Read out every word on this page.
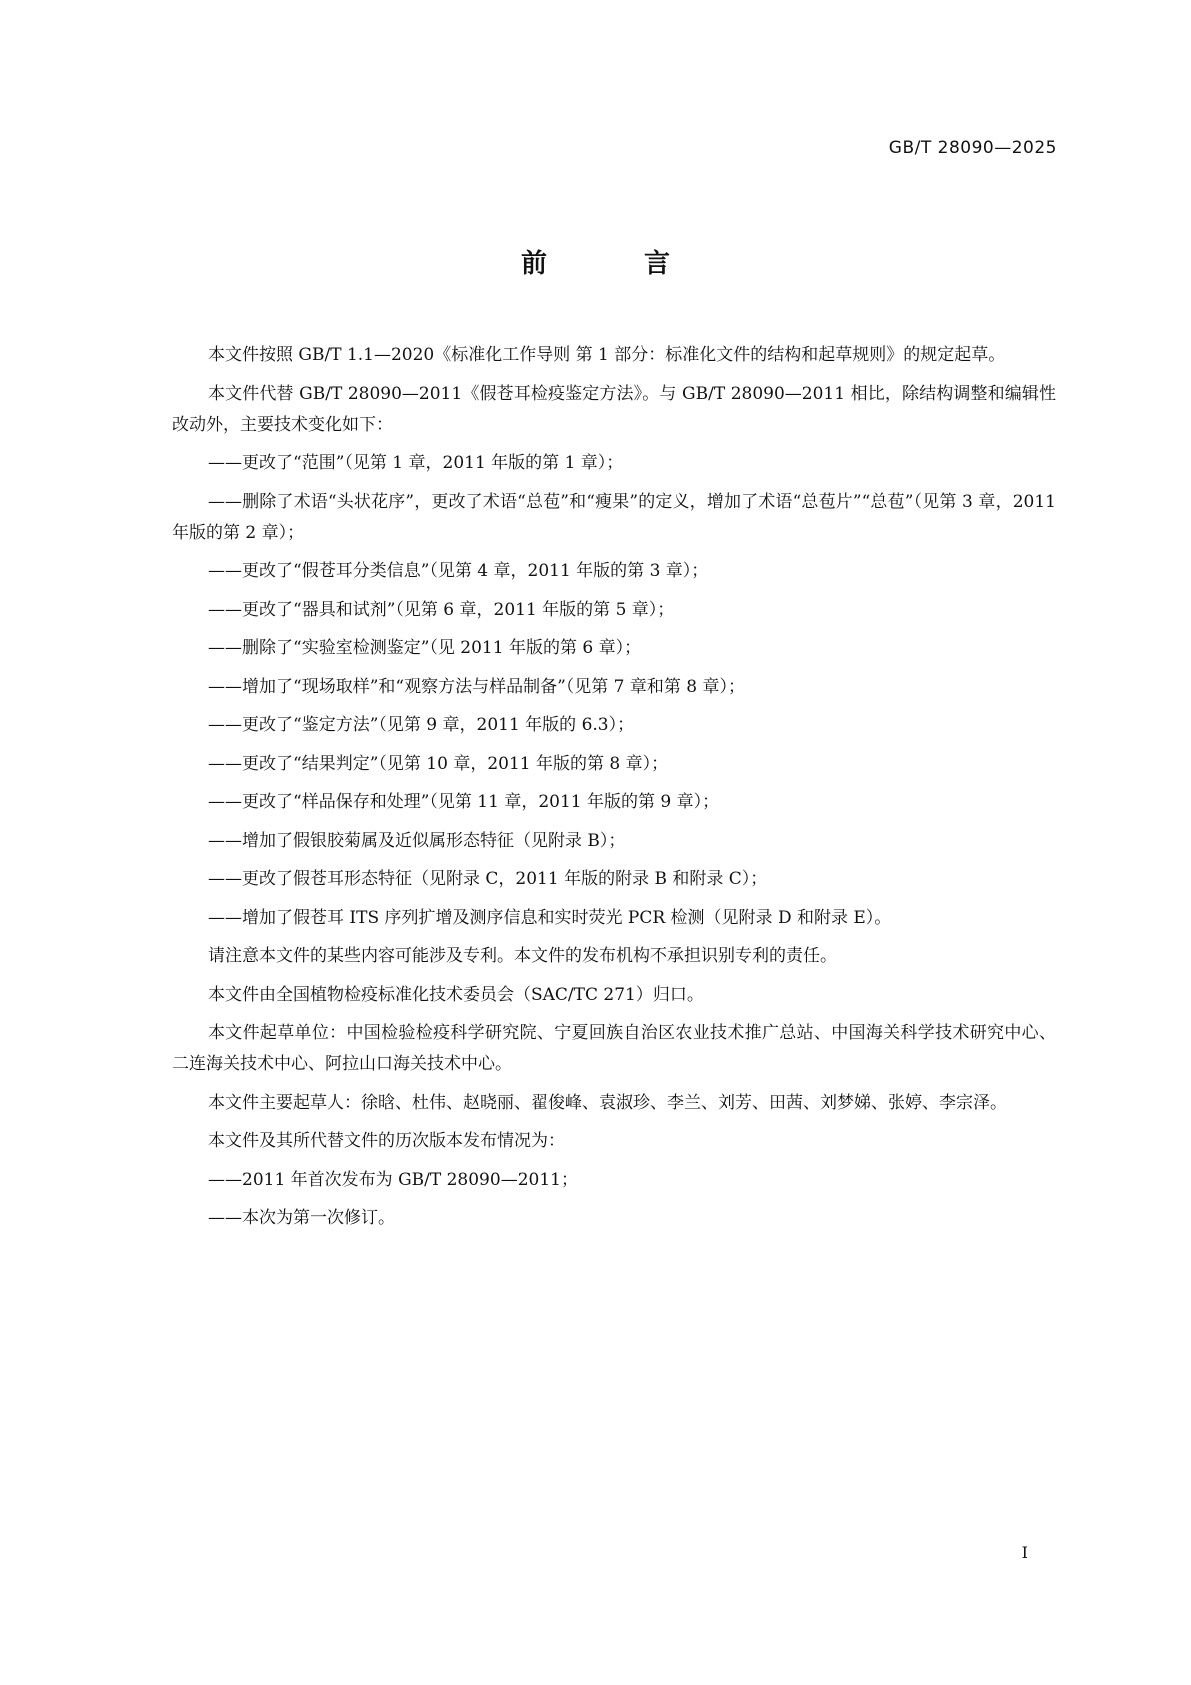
GB/T 28090—2025
前 言

本文件按照 GB/T 1.1—2020《标准化工作导则 第 1 部分：标准化文件的结构和起草规则》的规定起草。

本文件代替 GB/T 28090—2011《假苍耳检疫鉴定方法》。与 GB/T 28090—2011 相比，除结构调整和编辑性改动外，主要技术变化如下：

——更改了“范围”（见第 1 章，2011 年版的第 1 章）；

——删除了术语“头状花序”，更改了术语“总苞”和“瘦果”的定义，增加了术语“总苞片”“总苞”（见第 3 章，2011 年版的第 2 章）；

——更改了“假苍耳分类信息”（见第 4 章，2011 年版的第 3 章）；

——更改了“器具和试剂”（见第 6 章，2011 年版的第 5 章）；

——删除了“实验室检测鉴定”（见 2011 年版的第 6 章）；

——增加了“现场取样”和“观察方法与样品制备”（见第 7 章和第 8 章）；

——更改了“鉴定方法”（见第 9 章，2011 年版的 6.3）；

——更改了“结果判定”（见第 10 章，2011 年版的第 8 章）；

——更改了“样品保存和处理”（见第 11 章，2011 年版的第 9 章）；

——增加了假银胶菊属及近似属形态特征（见附录 B）；

——更改了假苍耳形态特征（见附录 C，2011 年版的附录 B 和附录 C）；

——增加了假苍耳 ITS 序列扩增及测序信息和实时荧光 PCR 检测（见附录 D 和附录 E）。

请注意本文件的某些内容可能涉及专利。本文件的发布机构不承担识别专利的责任。

本文件由全国植物检疫标准化技术委员会（SAC/TC 271）归口。

本文件起草单位：中国检验检疫科学研究院、宁夏回族自治区农业技术推广总站、中国海关科学技术研究中心、二连海关技术中心、阿拉山口海关技术中心。

本文件主要起草人：徐晗、杜伟、赵晓丽、翟俊峰、袁淑珍、李兰、刘芳、田茜、刘梦娣、张婷、李宗泽。

本文件及其所代替文件的历次版本发布情况为：

——2011 年首次发布为 GB/T 28090—2011；

——本次为第一次修订。

I
